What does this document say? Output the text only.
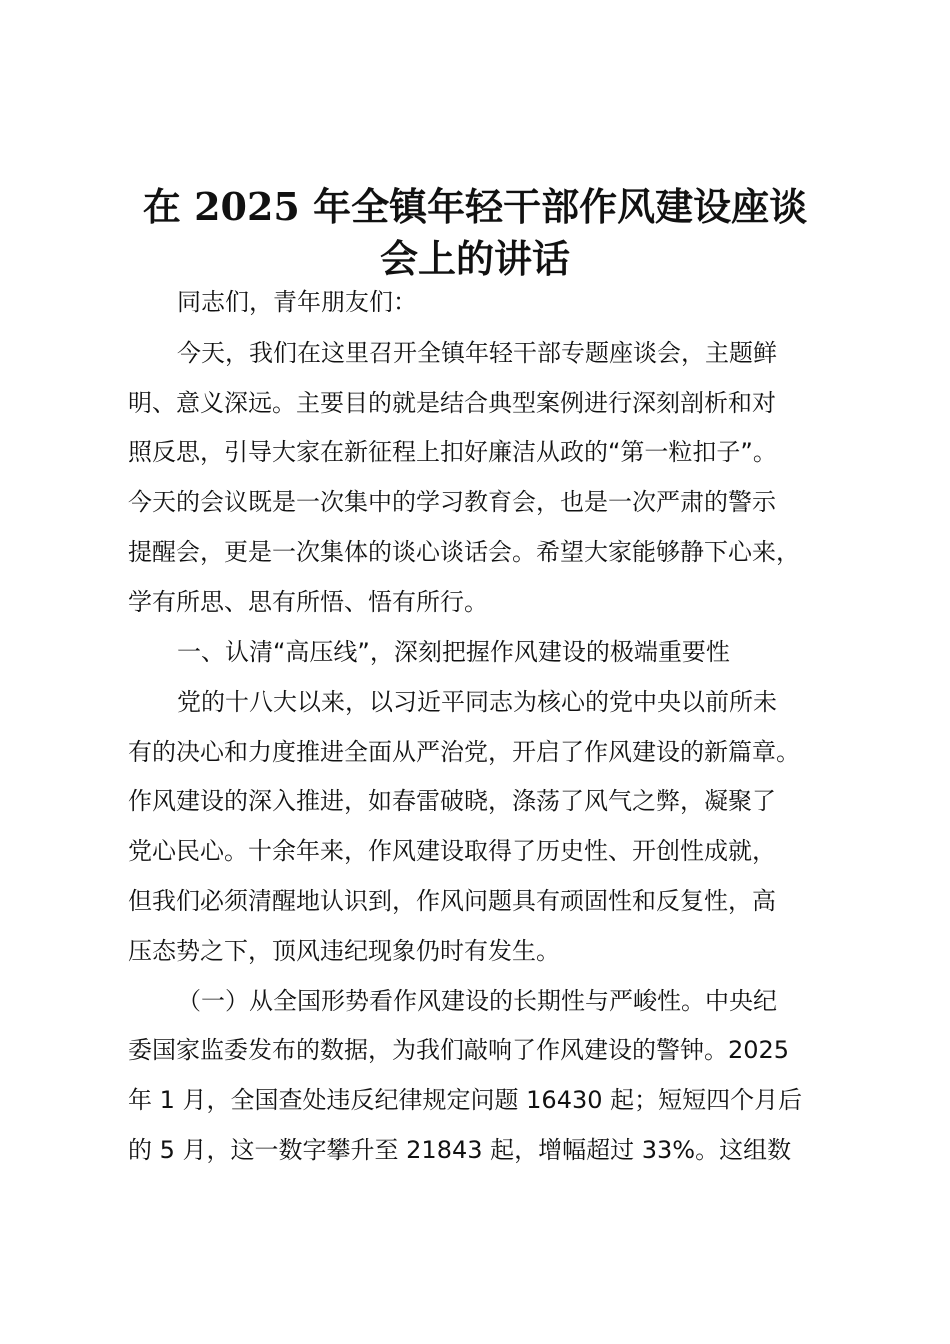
在 2025 年全镇年轻干部作风建设座谈
会上的讲话

同志们，青年朋友们：

今天，我们在这里召开全镇年轻干部专题座谈会，主题鲜

明、意义深远。主要目的就是结合典型案例进行深刻剖析和对

照反思，引导大家在新征程上扣好廉洁从政的“第一粒扣子”。

今天的会议既是一次集中的学习教育会，也是一次严肃的警示

提醒会，更是一次集体的谈心谈话会。希望大家能够静下心来，

学有所思、思有所悟、悟有所行。

一、认清“高压线”，深刻把握作风建设的极端重要性

党的十八大以来，以习近平同志为核心的党中央以前所未

有的决心和力度推进全面从严治党，开启了作风建设的新篇章。

作风建设的深入推进，如春雷破晓，涤荡了风气之弊，凝聚了

党心民心。十余年来，作风建设取得了历史性、开创性成就，

但我们必须清醒地认识到，作风问题具有顽固性和反复性，高

压态势之下，顶风违纪现象仍时有发生。

（一）从全国形势看作风建设的长期性与严峻性。中央纪

委国家监委发布的数据，为我们敲响了作风建设的警钟。2025

年 1 月，全国查处违反纪律规定问题 16430 起；短短四个月后

的 5 月，这一数字攀升至 21843 起，增幅超过 33%。这组数
